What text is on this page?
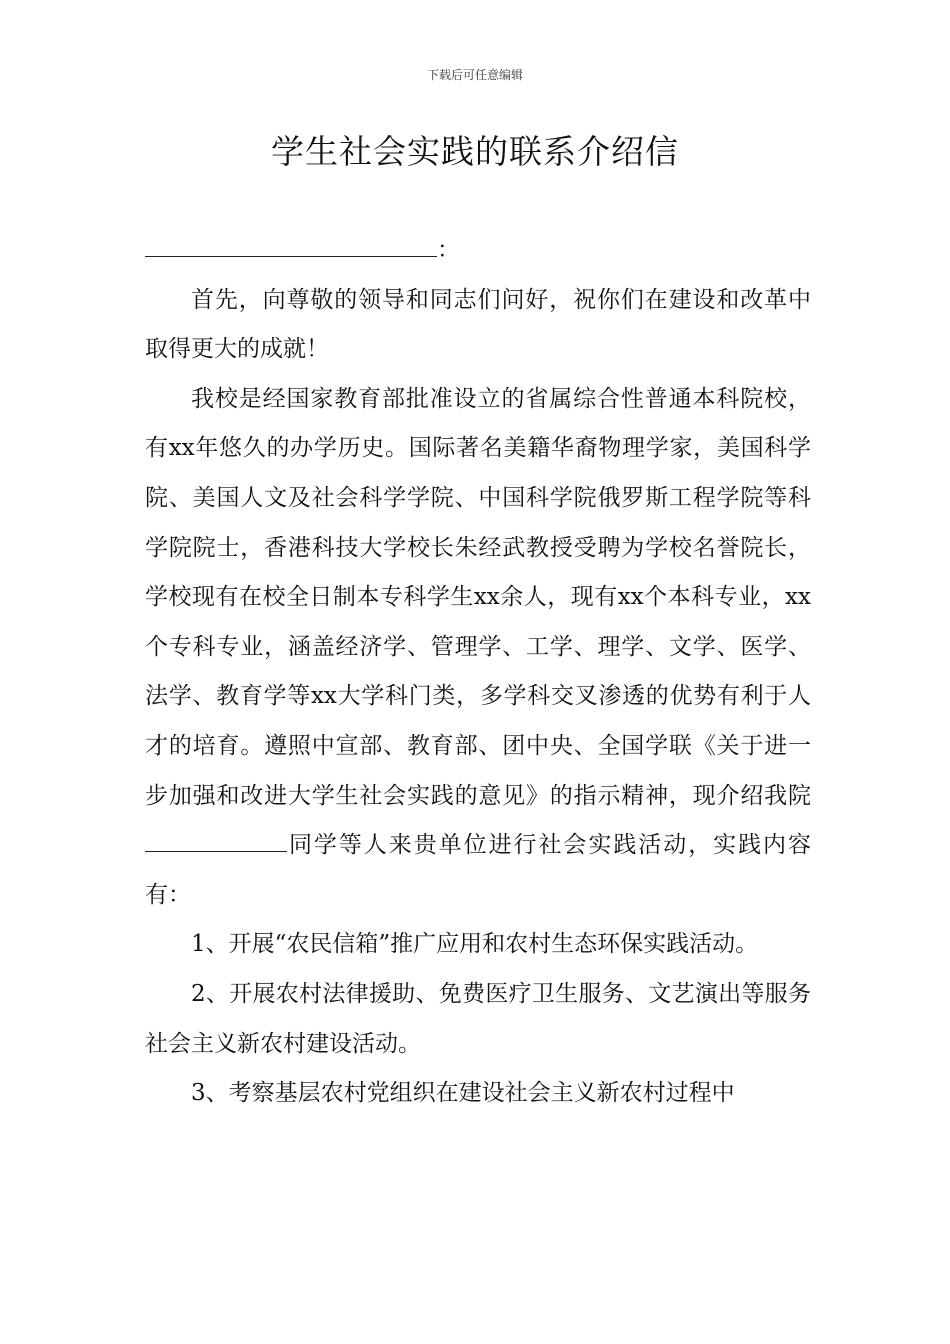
下载后可任意编辑
学生社会实践的联系介绍信
：

首先，向尊敬的领导和同志们问好，祝你们在建设和改革中取得更大的成就！

我校是经国家教育部批准设立的省属综合性普通本科院校，有xx年悠久的办学历史。国际著名美籍华裔物理学家，美国科学院、美国人文及社会科学学院、中国科学院俄罗斯工程学院等科学院院士，香港科技大学校长朱经武教授受聘为学校名誉院长，学校现有在校全日制本专科学生xx余人，现有xx个本科专业，xx个专科专业，涵盖经济学、管理学、工学、理学、文学、医学、法学、教育学等xx大学科门类，多学科交叉渗透的优势有利于人才的培育。遵照中宣部、教育部、团中央、全国学联《关于进一步加强和改进大学生社会实践的意见》的指示精神，现介绍我院同学等人来贵单位进行社会实践活动，实践内容有：

1、开展“农民信箱”推广应用和农村生态环保实践活动。

2、开展农村法律援助、免费医疗卫生服务、文艺演出等服务社会主义新农村建设活动。

3、考察基层农村党组织在建设社会主义新农村过程中
